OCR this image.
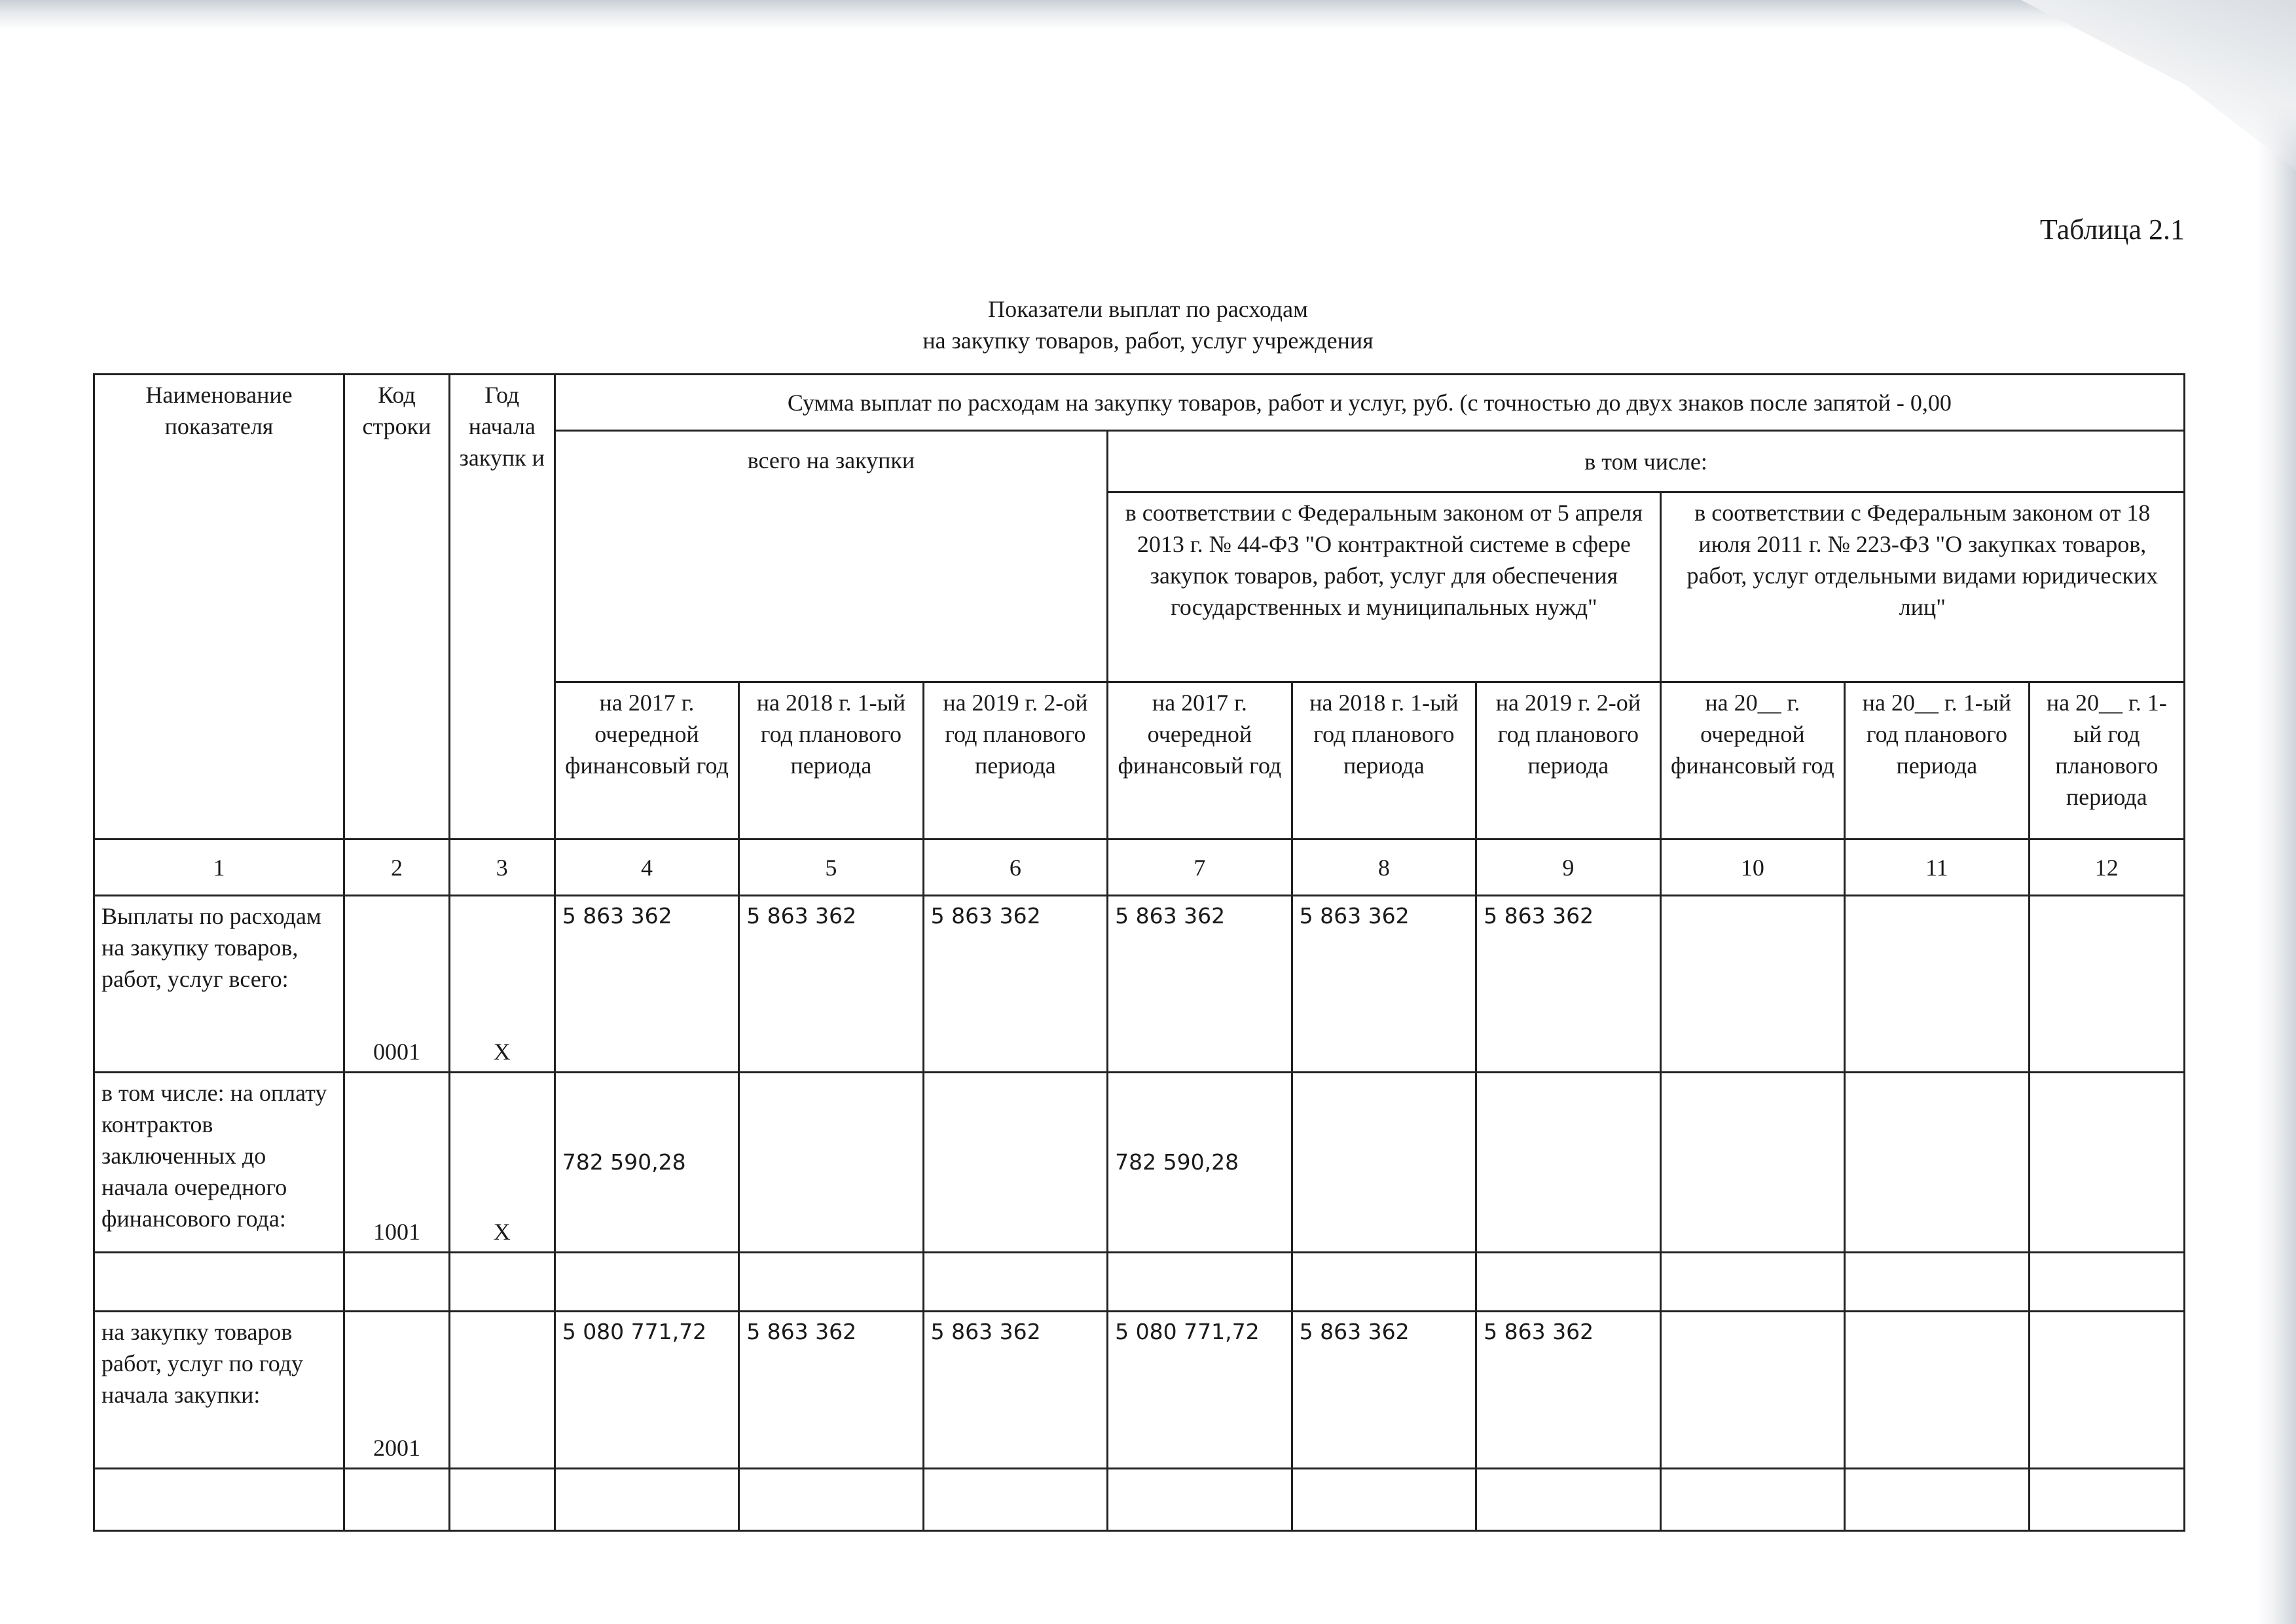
Таблица 2.1
Показатели выплат по расходам
на закупку товаров, работ, услуг учреждения
Наименование показателя	Код строки	Год начала закупк и	Сумма выплат по расходам на закупку товаров, работ и услуг, руб. (с точностью до двух знаков после запятой - 0,00								
			всего на закупки			в том числе:					
						в соответствии с Федеральным законом от 5 апреля 2013 г. № 44-ФЗ "О контрактной системе в сфере закупок товаров, работ, услуг для обеспечения государственных и муниципальных нужд"			в соответствии с Федеральным законом от 18 июля 2011 г. № 223-ФЗ "О закупках товаров, работ, услуг отдельными видами юридических лиц"		
			на 2017 г. очередной финансовый год	на 2018 г. 1-ый год планового периода	на 2019 г. 2-ой год планового периода	на 2017 г. очередной финансовый год	на 2018 г. 1-ый год планового периода	на 2019 г. 2-ой год планового периода	на 20__ г. очередной финансовый год	на 20__ г. 1-ый год планового периода	на 20__ г. 1-ый год планового периода
1	2	3	4	5	6	7	8	9	10	11	12
Выплаты по расходам на закупку товаров, работ, услуг всего:	0001	X	5 863 362	5 863 362	5 863 362	5 863 362	5 863 362	5 863 362			
в том числе: на оплату контрактов заключенных до начала очередного финансового года:	1001	X	782 590,28			782 590,28					

на закупку товаров работ, услуг по году начала закупки:	2001		5 080 771,72	5 863 362	5 863 362	5 080 771,72	5 863 362	5 863 362			
